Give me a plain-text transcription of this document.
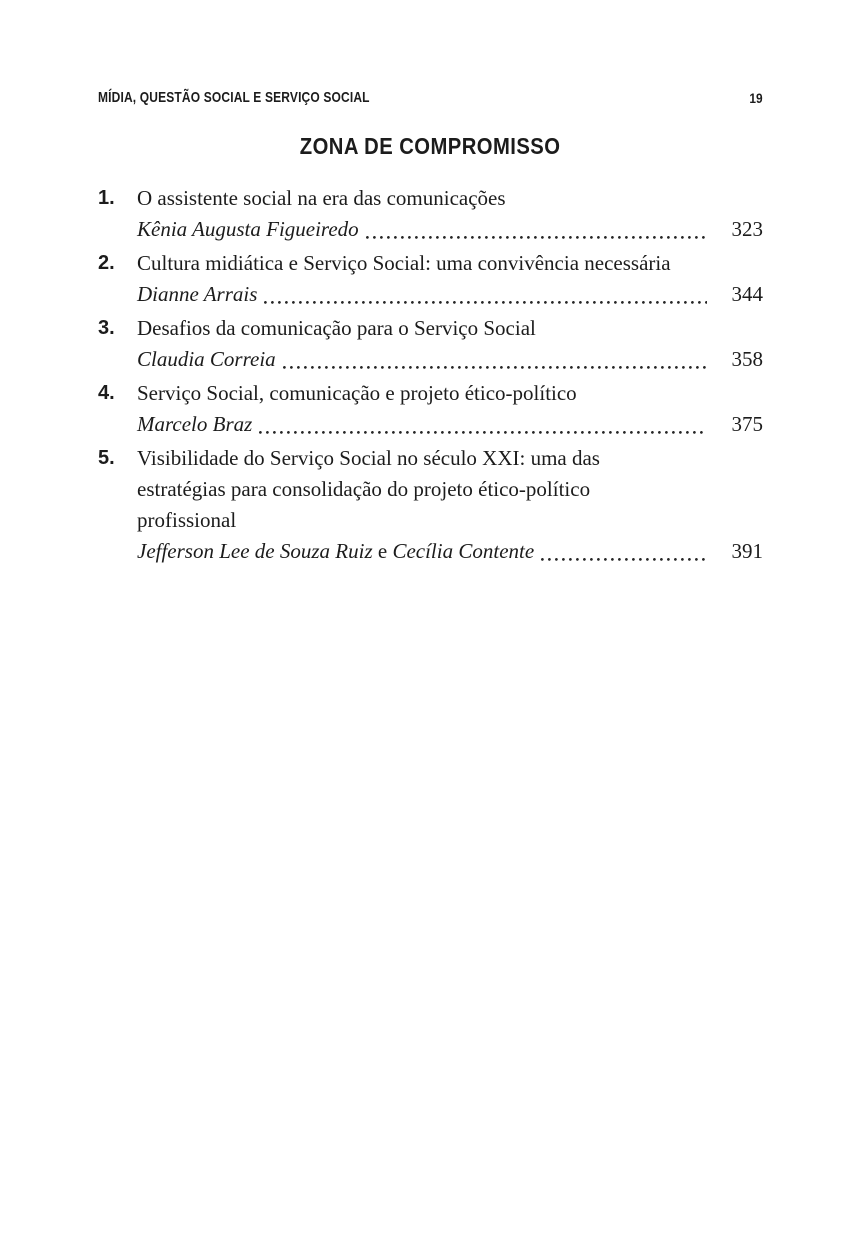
MÍDIA, QUESTÃO SOCIAL E SERVIÇO SOCIAL	19
ZONA DE COMPROMISSO
1.	O assistente social na era das comunicações
Kênia Augusta Figueiredo	323
2.	Cultura midiática e Serviço Social: uma convivência necessária
Dianne Arrais	344
3.	Desafios da comunicação para o Serviço Social
Claudia Correia	358
4.	Serviço Social, comunicação e projeto ético-político
Marcelo Braz	375
5.	Visibilidade do Serviço Social no século XXI: uma das
estratégias para consolidação do projeto ético-político
profissional
Jefferson Lee de Souza Ruiz e Cecília Contente	391
